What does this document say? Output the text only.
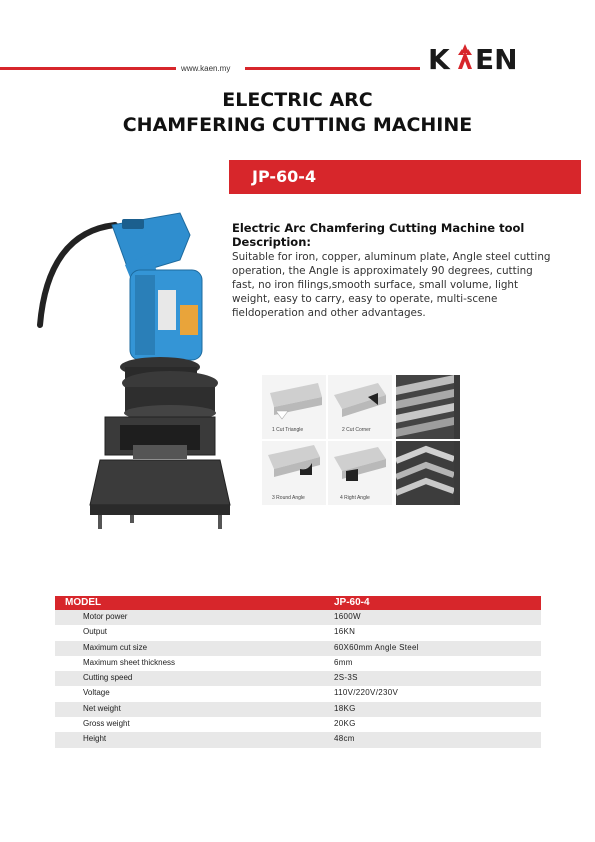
www.kaen.my	K EN
ELECTRIC ARC
CHAMFERING CUTTING MACHINE
JP-60-4
Electric Arc Chamfering Cutting Machine tool
Description:
Suitable for iron, copper, aluminum plate, Angle steel cutting operation, the Angle is approximately 90 degrees, cutting fast, no iron filings,smooth surface, small volume, light weight, easy to carry, easy to operate, multi-scene fieldoperation and other advantages.
1 Cut Triangle	2 Cut Corner
3 Round Angle	4 Right Angle
MODEL	JP-60-4
Motor power	1600W
Output	16KN
Maximum cut size	60X60mm Angle Steel
Maximum sheet thickness	6mm
Cutting speed	2S-3S
Voltage	110V/220V/230V
Net weight	18KG
Gross weight	20KG
Height	48cm
